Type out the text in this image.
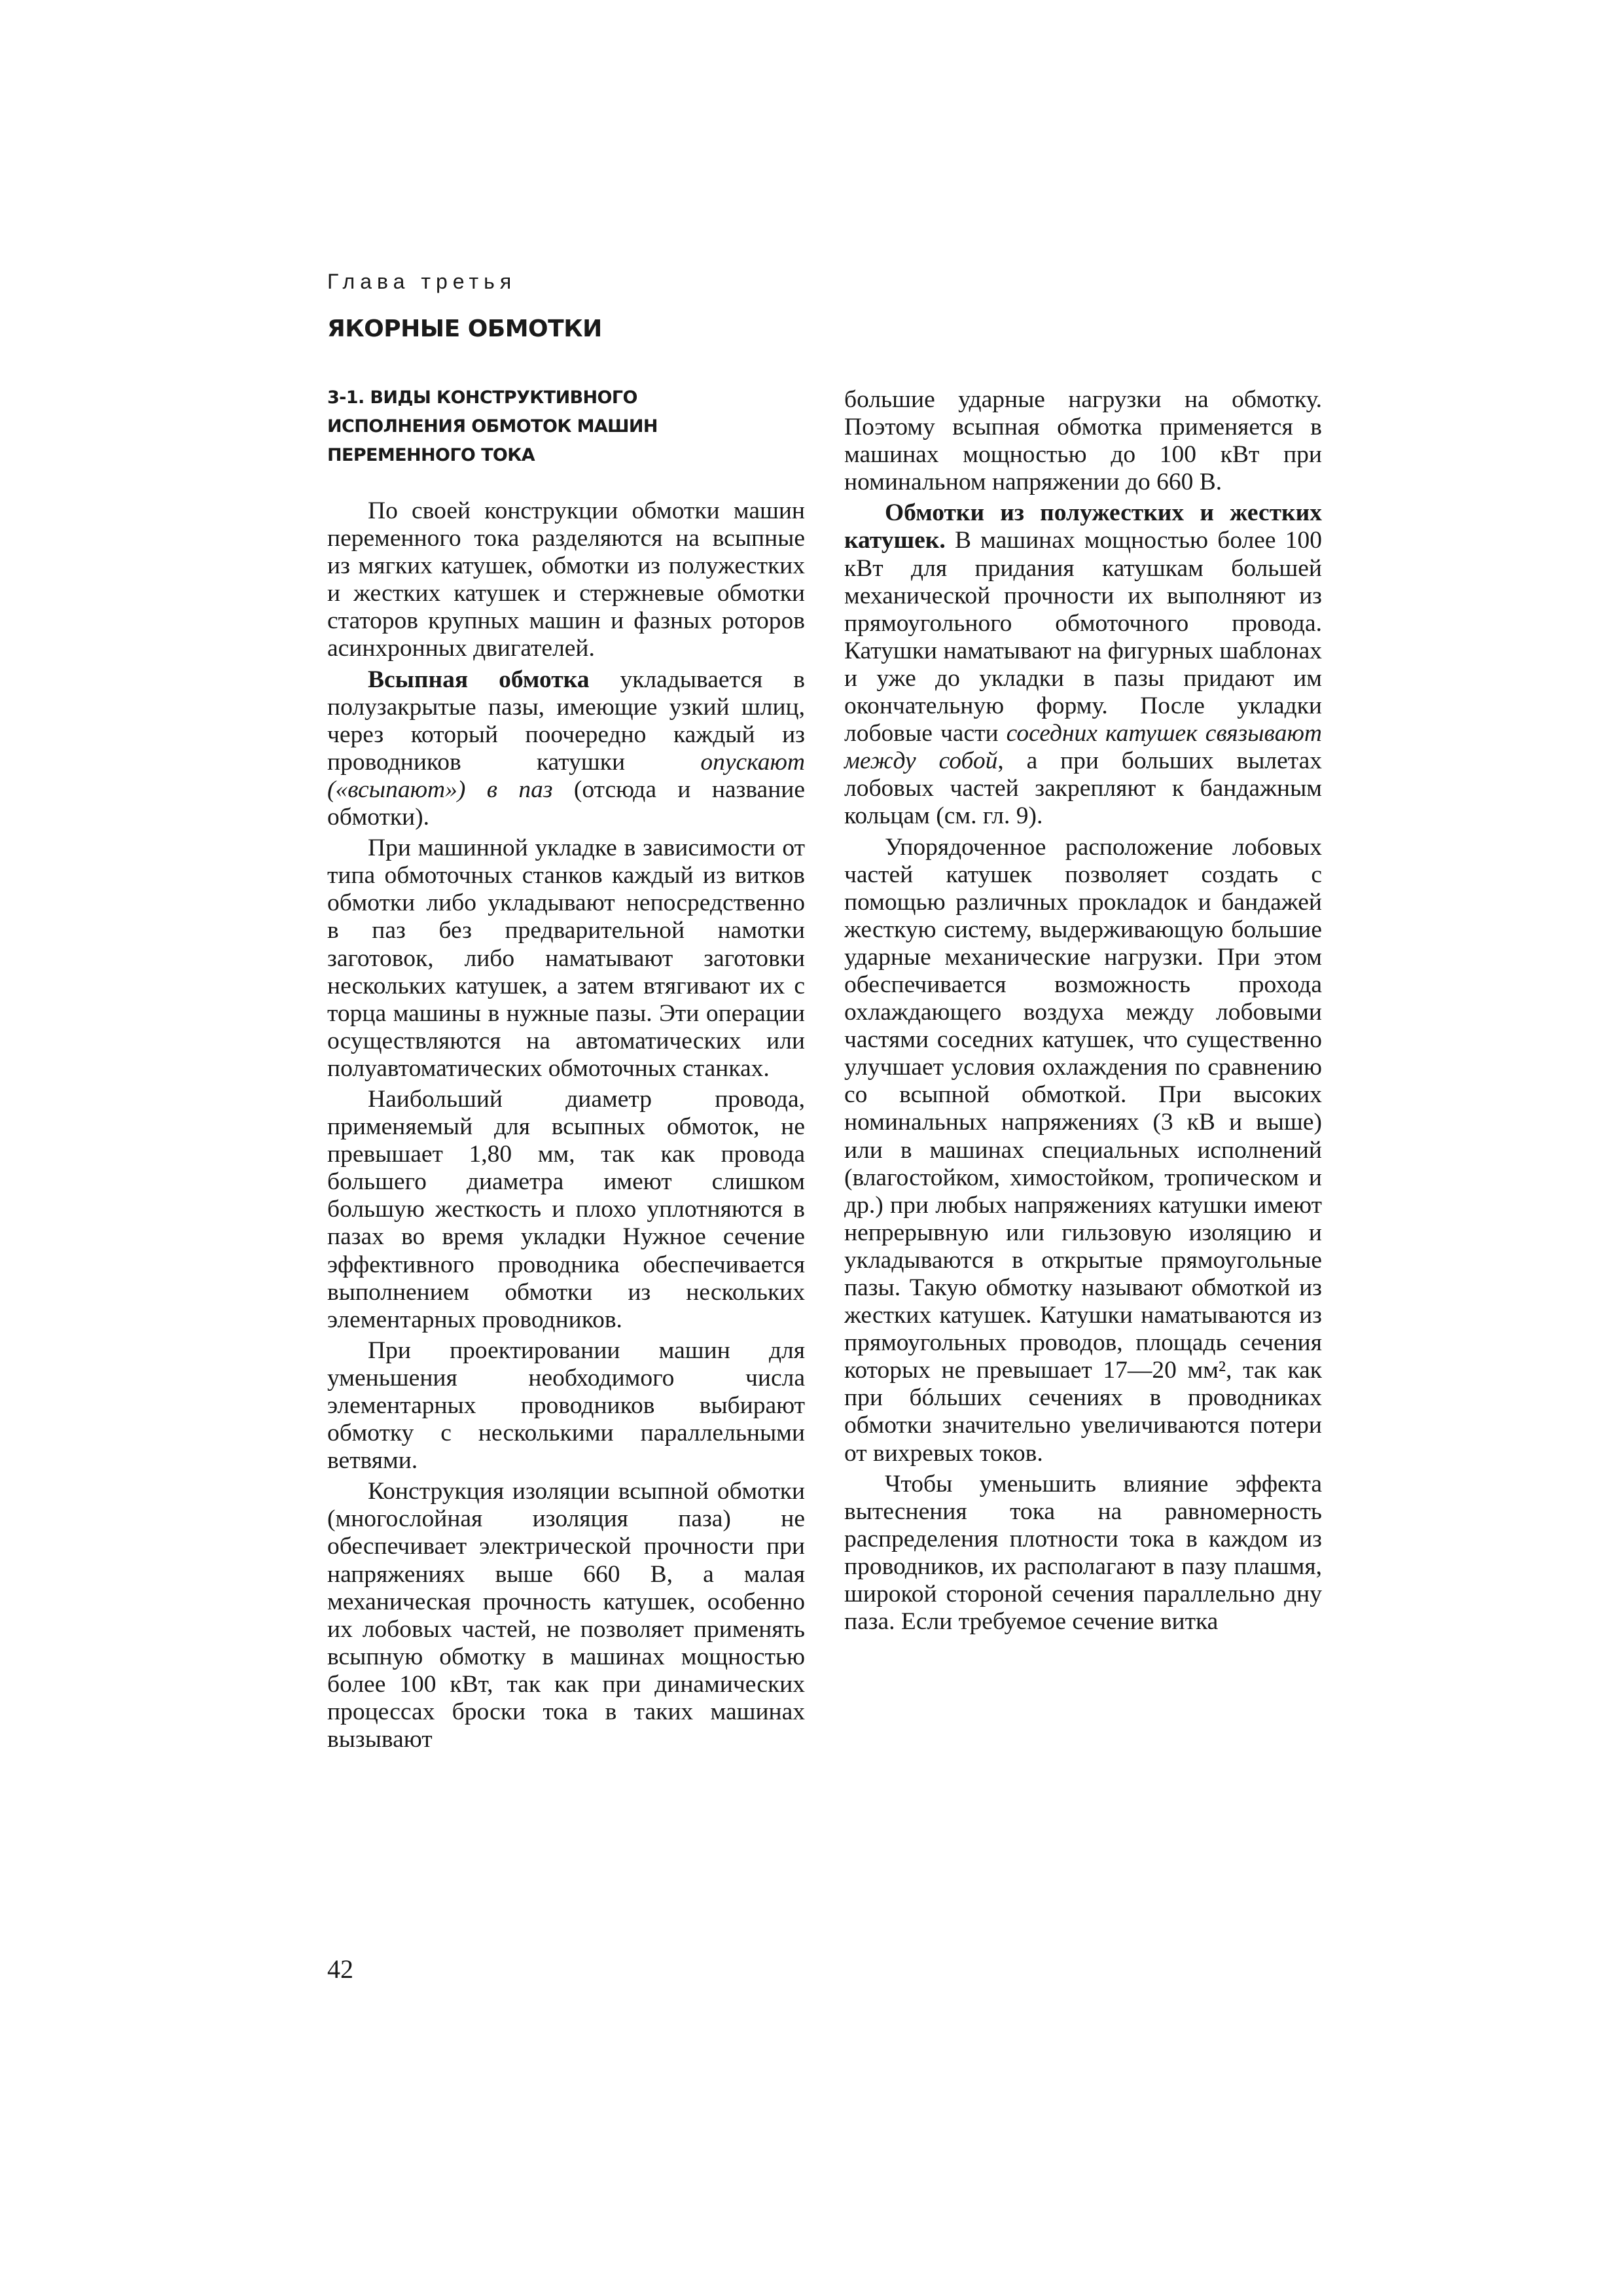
Глава третья
ЯКОРНЫЕ ОБМОТКИ
3-1. ВИДЫ КОНСТРУКТИВНОГО
ИСПОЛНЕНИЯ ОБМОТОК МАШИН
ПЕРЕМЕННОГО ТОКА

По своей конструкции обмотки машин переменного тока разделяются на всыпные из мягких катушек, обмотки из полужестких и жестких катушек и стержневые обмотки статоров крупных машин и фазных роторов асинхронных двигателей.

Всыпная обмотка укладывается в полузакрытые пазы, имеющие узкий шлиц, через который поочередно каждый из проводников катушки опускают («всыпают») в паз (отсюда и название обмотки).

При машинной укладке в зависимости от типа обмоточных станков каждый из витков обмотки либо укладывают непосредственно в паз без предварительной намотки заготовок, либо наматывают заготовки нескольких катушек, а затем втягивают их с торца машины в нужные пазы. Эти операции осуществляются на автоматических или полуавтоматических обмоточных станках.

Наибольший диаметр провода, применяемый для всыпных обмоток, не превышает 1,80 мм, так как провода большего диаметра имеют слишком большую жесткость и плохо уплотняются в пазах во время укладки Нужное сечение эффективного проводника обеспечивается выполнением обмотки из нескольких элементарных проводников.

При проектировании машин для уменьшения необходимого числа элементарных проводников выбирают обмотку с несколькими параллельными ветвями.

Конструкция изоляции всыпной обмотки (многослойная изоляция паза) не обеспечивает электрической прочности при напряжениях выше 660 В, а малая механическая прочность катушек, особенно их лобовых частей, не позволяет применять всыпную обмотку в машинах мощностью более 100 кВт, так как при динамических процессах броски тока в таких машинах вызывают

большие ударные нагрузки на обмотку. Поэтому всыпная обмотка применяется в машинах мощностью до 100 кВт при номинальном напряжении до 660 В.

Обмотки из полужестких и жестких катушек. В машинах мощностью более 100 кВт для придания катушкам большей механической прочности их выполняют из прямоугольного обмоточного провода. Катушки наматывают на фигурных шаблонах и уже до укладки в пазы придают им окончательную форму. После укладки лобовые части соседних катушек связывают между собой, а при больших вылетах лобовых частей закрепляют к бандажным кольцам (см. гл. 9).

Упорядоченное расположение лобовых частей катушек позволяет создать с помощью различных прокладок и бандажей жесткую систему, выдерживающую большие ударные механические нагрузки. При этом обеспечивается возможность прохода охлаждающего воздуха между лобовыми частями соседних катушек, что существенно улучшает условия охлаждения по сравнению со всыпной обмоткой. При высоких номинальных напряжениях (3 кВ и выше) или в машинах специальных исполнений (влагостойком, химостойком, тропическом и др.) при любых напряжениях катушки имеют непрерывную или гильзовую изоляцию и укладываются в открытые прямоугольные пазы. Такую обмотку называют обмоткой из жестких катушек. Катушки наматываются из прямоугольных проводов, площадь сечения которых не превышает 17—20 мм², так как при бóльших сечениях в проводниках обмотки значительно увеличиваются потери от вихревых токов.

Чтобы уменьшить влияние эффекта вытеснения тока на равномерность распределения плотности тока в каждом из проводников, их располагают в пазу плашмя, широкой стороной сечения параллельно дну паза. Если требуемое сечение витка

42
